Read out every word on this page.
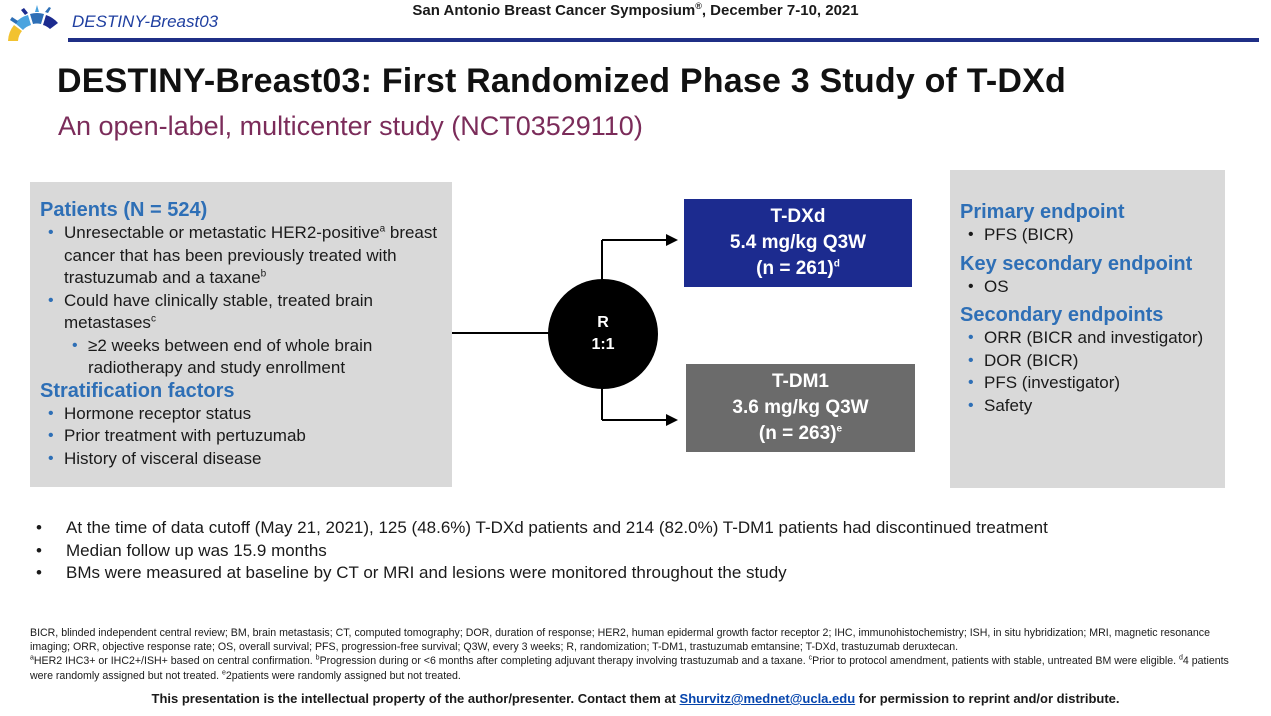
DESTINY-Breast03
San Antonio Breast Cancer Symposium®, December 7-10, 2021
DESTINY-Breast03: First Randomized Phase 3 Study of T-DXd
An open-label, multicenter study (NCT03529110)

Patients (N = 524)

• Unresectable or metastatic HER2-positive$^a$ breast cancer that has been previously treated with trastuzumab and a taxane$^b$
• Could have clinically stable, treated brain metastases$^c$
• ≥2 weeks between end of whole brain radiotherapy and study enrollment

Stratification factors

• Hormone receptor status
• Prior treatment with pertuzumab
• History of visceral disease
R
1:1
T-DXd
5.4 mg/kg Q3W
(n = 261)$^d$
T-DM1
3.6 mg/kg Q3W
(n = 263)$^e$

Primary endpoint

• PFS (BICR)

Key secondary endpoint

• OS

Secondary endpoints

• ORR (BICR and investigator)
• DOR (BICR)
• PFS (investigator)
• Safety
• At the time of data cutoff (May 21, 2021), 125 (48.6%) T-DXd patients and 214 (82.0%) T-DM1 patients had discontinued treatment
• Median follow up was 15.9 months
• BMs were measured at baseline by CT or MRI and lesions were monitored throughout the study
BICR, blinded independent central review; BM, brain metastasis; CT, computed tomography; DOR, duration of response; HER2, human epidermal growth factor receptor 2; IHC, immunohistochemistry; ISH, in situ hybridization; MRI, magnetic resonance imaging; ORR, objective response rate; OS, overall survival; PFS, progression-free survival; Q3W, every 3 weeks; R, randomization; T-DM1, trastuzumab emtansine; T-DXd, trastuzumab deruxtecan.
$^a$HER2 IHC3+ or IHC2+/ISH+ based on central confirmation. $^b$Progression during or <6 months after completing adjuvant therapy involving trastuzumab and a taxane. $^c$Prior to protocol amendment, patients with stable, untreated BM were eligible. $^d$4 patients were randomly assigned but not treated. $^e$2patients were randomly assigned but not treated.
This presentation is the intellectual property of the author/presenter. Contact them at Shurvitz@mednet@ucla.edu for permission to reprint and/or distribute.
